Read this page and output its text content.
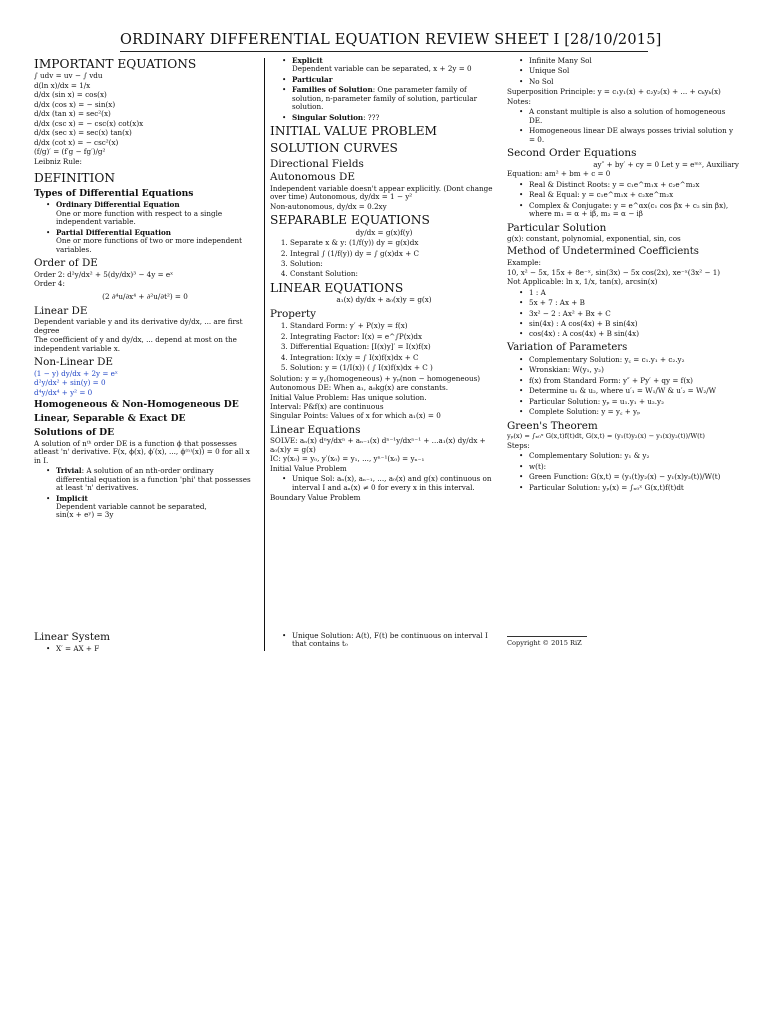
ORDINARY DIFFERENTIAL EQUATION REVIEW SHEET I [28/10/2015]
IMPORTANT EQUATIONS
∫ udv = uv − ∫ vdu
d(ln x)/dx = 1/x
d/dx (sin x) = cos(x)
d/dx (cos x) = − sin(x)
d/dx (tan x) = sec²(x)
d/dx (csc x) = − csc(x) cot(x)x
d/dx (sec x) = sec(x) tan(x)
d/dx (cot x) = − csc²(x)
(f/g)′ = (f′g − fg′)/g²
Leibniz Rule:
DEFINITION
Types of Differential Equations
• Ordinary Differential Equation
One or more function with respect to a single independent variable.
• Partial Differential Equation
One or more functions of two or more independent variables.
Order of DE
Order 2: d²y/dx² + 5(dy/dx)³ − 4y = eˣ
Order 4:
(2 ∂⁴u/∂x⁴ + ∂²u/∂t²) = 0
Linear DE

Dependent variable y and its derivative dy/dx, ... are first degree

The coefficient of y and dy/dx, ... depend at most on the independent variable x.

Non-Linear DE
(1 − y) dy/dx + 2y = eˣ
d²y/dx² + sin(y) = 0
d⁴y/dx⁴ + y² = 0
Homogeneous & Non-Homogeneous DE
Linear, Separable & Exact DE
Solutions of DE

A solution of nᵗʰ order DE is a function ϕ that possesses atleast 'n' derivative. F(x, ϕ(x), ϕ′(x), ..., ϕ⁽ⁿ⁾(x)) = 0 for all x in I.

• Trivial: A solution of an nth-order ordinary differential equation is a function 'phi' that possesses at least 'n' derivatives.
• Implicit
Dependent variable cannot be separated,
sin(x + eʸ) = 3y
• Explicit
Dependent variable can be separated, x + 2y = 0
• Particular
• Families of Solution: One parameter family of solution, n-parameter family of solution, particular solution.
• Singular Solution: ???
INITIAL VALUE PROBLEM
SOLUTION CURVES
Directional Fields
Autonomous DE

Independent variable doesn't appear explicitly. (Dont change over time) Autonomous, dy/dx = 1 − y²

Non-autonomous, dy/dx = 0.2xy

SEPARABLE EQUATIONS
dy/dx = g(x)f(y)
1. Separate x & y: (1/f(y)) dy = g(x)dx
2. Integral ∫ (1/f(y)) dy = ∫ g(x)dx + C
3. Solution:
4. Constant Solution:
LINEAR EQUATIONS
a₁(x) dy/dx + a₀(x)y = g(x)
Property
1. Standard Form: y′ + P(x)y = f(x)
2. Integrating Factor: I(x) = e^∫P(x)dx
3. Differential Equation: [I(x)y]′ = I(x)f(x)
4. Integration: I(x)y = ∫ I(x)f(x)dx + C
5. Solution: y = (1/I(x)) ( ∫ I(x)f(x)dx + C )
Solution: y = y꜀(homogeneous) + yₚ(non − homogeneous)
Autonomous DE: When a₁, a₀kg(x) are constants.
Initial Value Problem: Has unique solution.
Interval: P&f(x) are continuous
Singular Points: Values of x for which a₁(x) = 0
Linear Equations
SOLVE: aₙ(x) dⁿy/dxⁿ + aₙ₋₁(x) dⁿ⁻¹y/dxⁿ⁻¹ + ...a₁(x) dy/dx + a₀(x)y = g(x)
IC: y(x₀) = y₀, y′(x₀) = y₁, ..., yⁿ⁻¹(x₀) = yₙ₋₁
Initial Value Problem
• Unique Sol: aₙ(x), aₙ₋₁, ..., a₀(x) and g(x) continuous on interval I and aₙ(x) ≠ 0 for every x in this interval.
Boundary Value Problem
• Infinite Many Sol
• Unique Sol
• No Sol
Superposition Principle: y = c₁y₁(x) + c₂y₂(x) + ... + cₖyₖ(x)
Notes:
• A constant multiple is also a solution of homogeneous DE.
• Homogeneous linear DE always posses trivial solution y = 0.
Second Order Equations
ay″ + by′ + cy = 0 Let y = eᵐˣ, Auxiliary
Equation: am² + bm + c = 0
• Real & Distinct Roots: y = c₁e^m₁x + c₂e^m₂x
• Real & Equal: y = c₁e^m₁x + c₂xe^m₂x
• Complex & Conjugate: y = e^αx(c₁ cos βx + c₂ sin βx), where m₁ = α + iβ, m₂ = α − iβ
Particular Solution
g(x): constant, polynomial, exponential, sin, cos
Method of Undetermined Coefficients
Example:
10, x² − 5x, 15x + 8e⁻ˣ, sin(3x) − 5x cos(2x), xe⁻ˣ(3x² − 1)
Not Applicable: ln x, 1/x, tan(x), arcsin(x)
• 1 : A
• 5x + 7 : Ax + B
• 3x² − 2 : Ax² + Bx + C
• sin(4x) : A cos(4x) + B sin(4x)
• cos(4x) : A cos(4x) + B sin(4x)
Variation of Parameters
• Complementary Solution: y꜀ = c₁.y₁ + c₂.y₂
• Wronskian: W(y₁, y₂)
• f(x) from Standard Form: y″ + Py′ + qy = f(x)
• Determine u₁ & u₂, where u′₁ = W₁/W & u′₂ = W₂/W
• Particular Solution: yₚ = u₁.y₁ + u₂.y₂
• Complete Solution: y = y꜀ + yₚ
Green's Theorem
yₚ(x) = ∫ₓ₀ˣ G(x,t)f(t)dt, G(x,t) = (y₁(t)y₂(x) − y₁(x)y₂(t))/W(t)
Steps:
• Complementary Solution: y₁ & y₂
• w(t):
• Green Function: G(x,t) = (y₁(t)y₂(x) − y₁(x)y₂(t))/W(t)
• Particular Solution: yₚ(x) = ∫ₓ₀ˣ G(x,t)f(t)dt
Linear System
• X′ = AX + F
• Unique Solution: A(t), F(t) be continuous on interval I that contains t₀	Copyright © 2015 RiZ
